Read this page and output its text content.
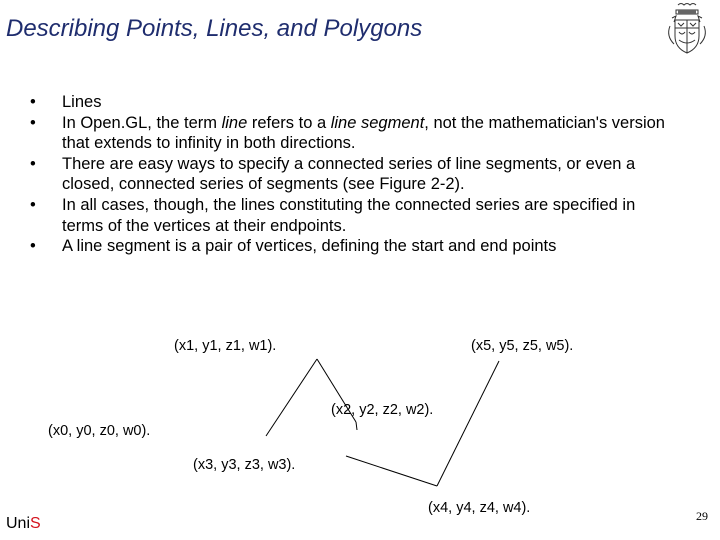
Describing Points, Lines, and Polygons
• Lines
• In Open.GL, the term line refers to a line segment, not the mathematician's version that extends to infinity in both directions.
• There are easy ways to specify a connected series of line segments, or even a closed, connected series of segments (see Figure 2-2).
• In all cases, though, the lines constituting the connected series are specified in terms of the vertices at their endpoints.
• A line segment is a pair of vertices, defining the start and end points
(x0, y0, z0, w0).
(x1, y1, z1, w1).
(x2, y2, z2, w2).
(x3, y3, z3, w3).
(x4, y4, z4, w4).
(x5, y5, z5, w5).
UniS	29
